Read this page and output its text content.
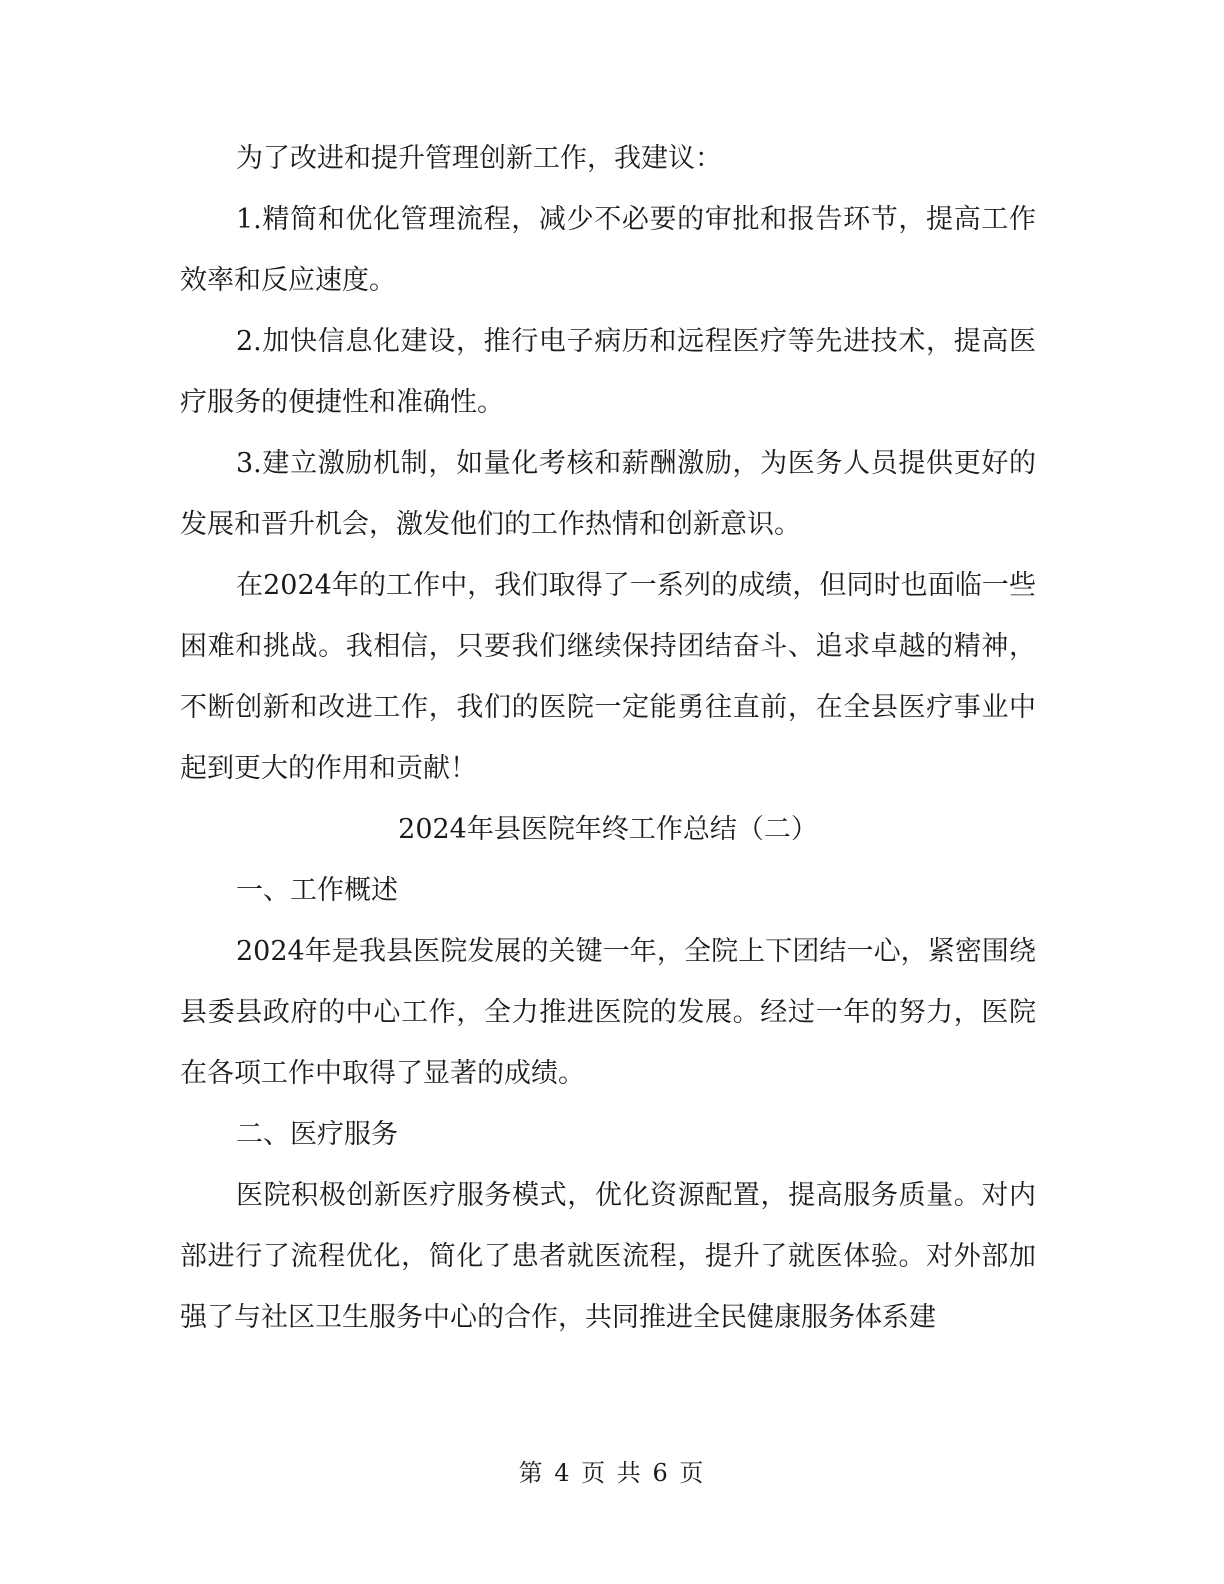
为了改进和提升管理创新工作，我建议：

1.精简和优化管理流程，减少不必要的审批和报告环节，提高工作效率和反应速度。

2.加快信息化建设，推行电子病历和远程医疗等先进技术，提高医疗服务的便捷性和准确性。

3.建立激励机制，如量化考核和薪酬激励，为医务人员提供更好的发展和晋升机会，激发他们的工作热情和创新意识。

在2024年的工作中，我们取得了一系列的成绩，但同时也面临一些困难和挑战。我相信，只要我们继续保持团结奋斗、追求卓越的精神，不断创新和改进工作，我们的医院一定能勇往直前，在全县医疗事业中起到更大的作用和贡献！

2024年县医院年终工作总结（二）

一、工作概述

2024年是我县医院发展的关键一年，全院上下团结一心，紧密围绕县委县政府的中心工作，全力推进医院的发展。经过一年的努力，医院在各项工作中取得了显著的成绩。

二、医疗服务

医院积极创新医疗服务模式，优化资源配置，提高服务质量。对内部进行了流程优化，简化了患者就医流程，提升了就医体验。对外部加强了与社区卫生服务中心的合作，共同推进全民健康服务体系建

第 4 页 共 6 页
